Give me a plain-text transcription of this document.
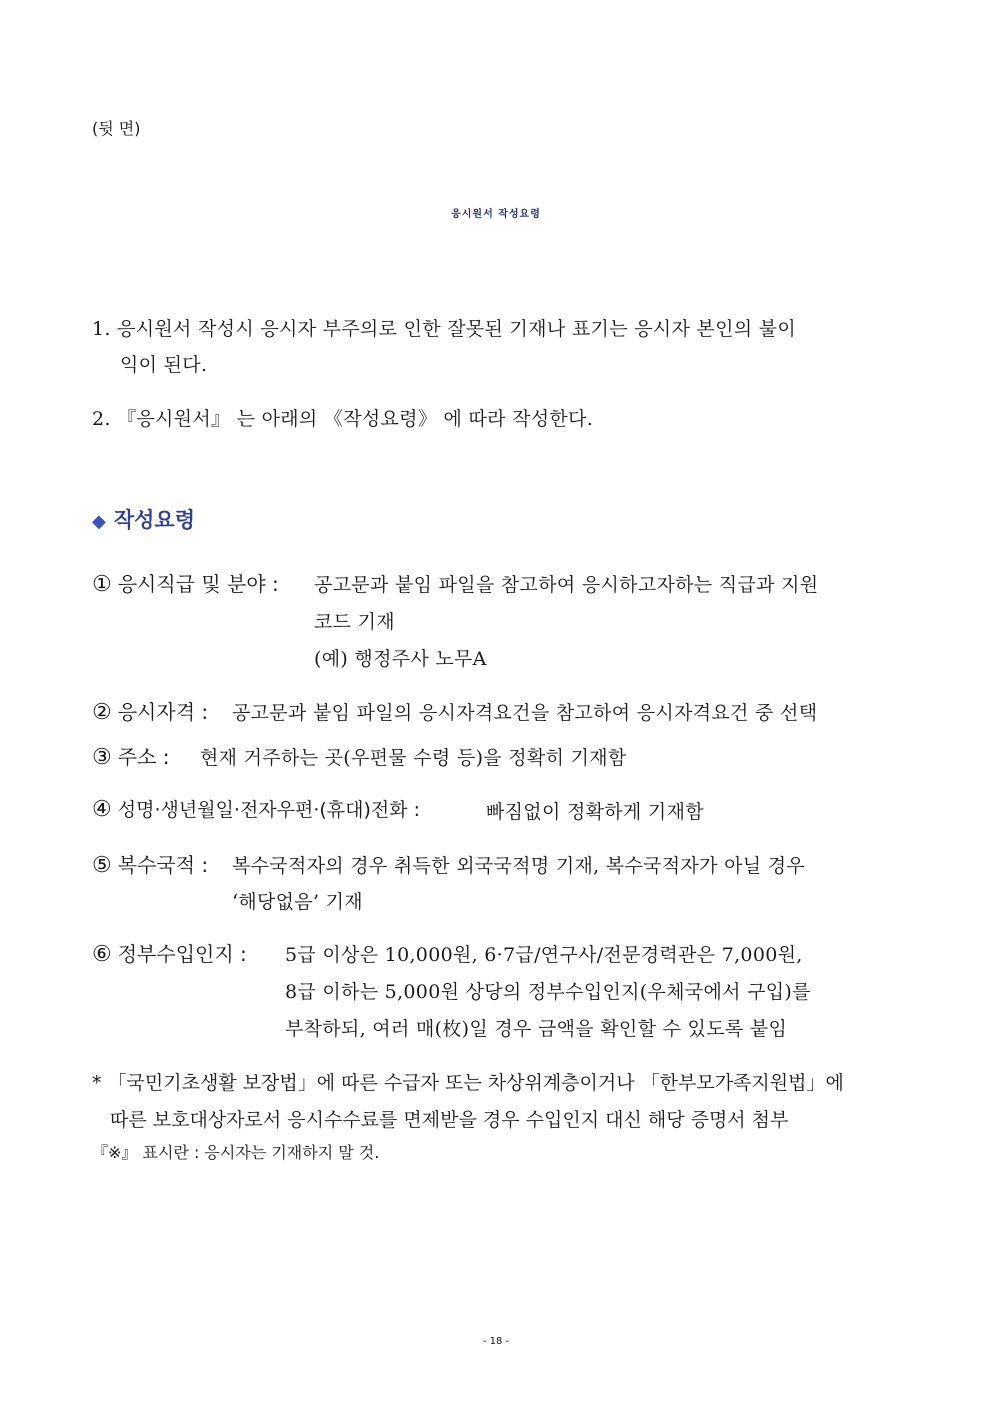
(뒷 면)
응시원서 작성요령
1. 응시원서 작성시 응시자 부주의로 인한 잘못된 기재나 표기는 응시자 본인의 불이
익이 된다.
2. 『응시원서』 는 아래의 《작성요령》 에 따라 작성한다.
◆ 작성요령
① 응시직급 및 분야 : 공고문과 붙임 파일을 참고하여 응시하고자하는 직급과 지원
코드 기재
(예) 행정주사 노무A
② 응시자격 : 공고문과 붙임 파일의 응시자격요건을 참고하여 응시자격요건 중 선택
③ 주소 : 현재 거주하는 곳(우편물 수령 등)을 정확히 기재함
④ 성명·생년월일·전자우편·(휴대)전화 :	빠짐없이 정확하게 기재함
⑤ 복수국적 : 복수국적자의 경우 취득한 외국국적명 기재, 복수국적자가 아닐 경우
‘해당없음’ 기재
⑥ 정부수입인지 : 5급 이상은 10,000원, 6·7급/연구사/전문경력관은 7,000원,
8급 이하는 5,000원 상당의 정부수입인지(우체국에서 구입)를
부착하되, 여러 매(枚)일 경우 금액을 확인할 수 있도록 붙임
* 「국민기초생활 보장법」에 따른 수급자 또는 차상위계층이거나 「한부모가족지원법」에
따른 보호대상자로서 응시수수료를 면제받을 경우 수입인지 대신 해당 증명서 첨부
『※』 표시란 : 응시자는 기재하지 말 것.
- 18 -
